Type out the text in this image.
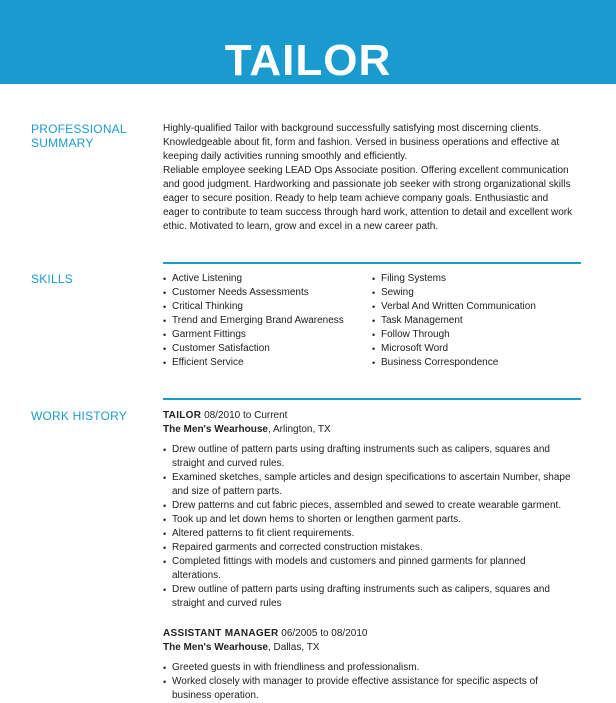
TAILOR
PROFESSIONAL
SUMMARY

Highly-qualified Tailor with background successfully satisfying most discerning clients.

Knowledgeable about fit, form and fashion. Versed in business operations and effective at

keeping daily activities running smoothly and efficiently.

Reliable employee seeking LEAD Ops Associate position. Offering excellent communication

and good judgment. Hardworking and passionate job seeker with strong organizational skills

eager to secure position. Ready to help team achieve company goals. Enthusiastic and

eager to contribute to team success through hard work, attention to detail and excellent work

ethic. Motivated to learn, grow and excel in a new career path.

SKILLS
•	Active Listening
• Customer Needs Assessments
• Critical Thinking
• Trend and Emerging Brand Awareness
• Garment Fittings
• Customer Satisfaction
• Efficient Service
• Filing Systems
• Sewing
• Verbal And Written Communication
• Task Management
• Follow Through
• Microsoft Word
• Business Correspondence
WORK HISTORY	TAILOR 08/2010 to Current
The Men's Wearhouse, Arlington, TX
• Drew outline of pattern parts using drafting instruments such as calipers, squares and
straight and curved rules.
• Examined sketches, sample articles and design specifications to ascertain Number, shape
and size of pattern parts.
• Drew patterns and cut fabric pieces, assembled and sewed to create wearable garment.
• Took up and let down hems to shorten or lengthen garment parts.
• Altered patterns to fit client requirements.
• Repaired garments and corrected construction mistakes.
• Completed fittings with models and customers and pinned garments for planned
alterations.
• Drew outline of pattern parts using drafting instruments such as calipers, squares and
straight and curved rules
ASSISTANT MANAGER 06/2005 to 08/2010
The Men's Wearhouse, Dallas, TX
• Greeted guests in with friendliness and professionalism.
• Worked closely with manager to provide effective assistance for specific aspects of
business operation.
